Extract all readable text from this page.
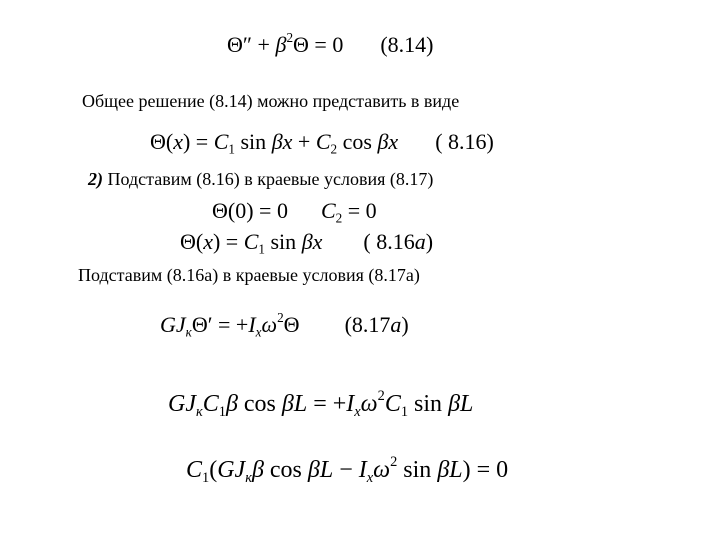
$\Theta'' + \beta^2\Theta = 0$ (8.14)
Общее решение (8.14) можно представить в виде
$\Theta(x) = C_1$ $\sin \beta x + C_2$ cos βx ( 8.16)
2) Подставим (8.16) в краевые условия (8.17)
Θ(0) = 0 $C_2 = 0$
$\Theta(x) = C_1$ sin βx ( 8.16a)
Подставим (8.16а) в краевые условия (8.17а)
$GJ_к\Theta' = +I_x\omega^2\Theta$ (8.17a)
$GJ_кC_1\beta$ $\cos \beta L = +I_x\omega^2C_1$ sin βL
$C_1(GJ_к\beta$ $\cos \beta L - I_x\omega^2$ sin βL) = 0
